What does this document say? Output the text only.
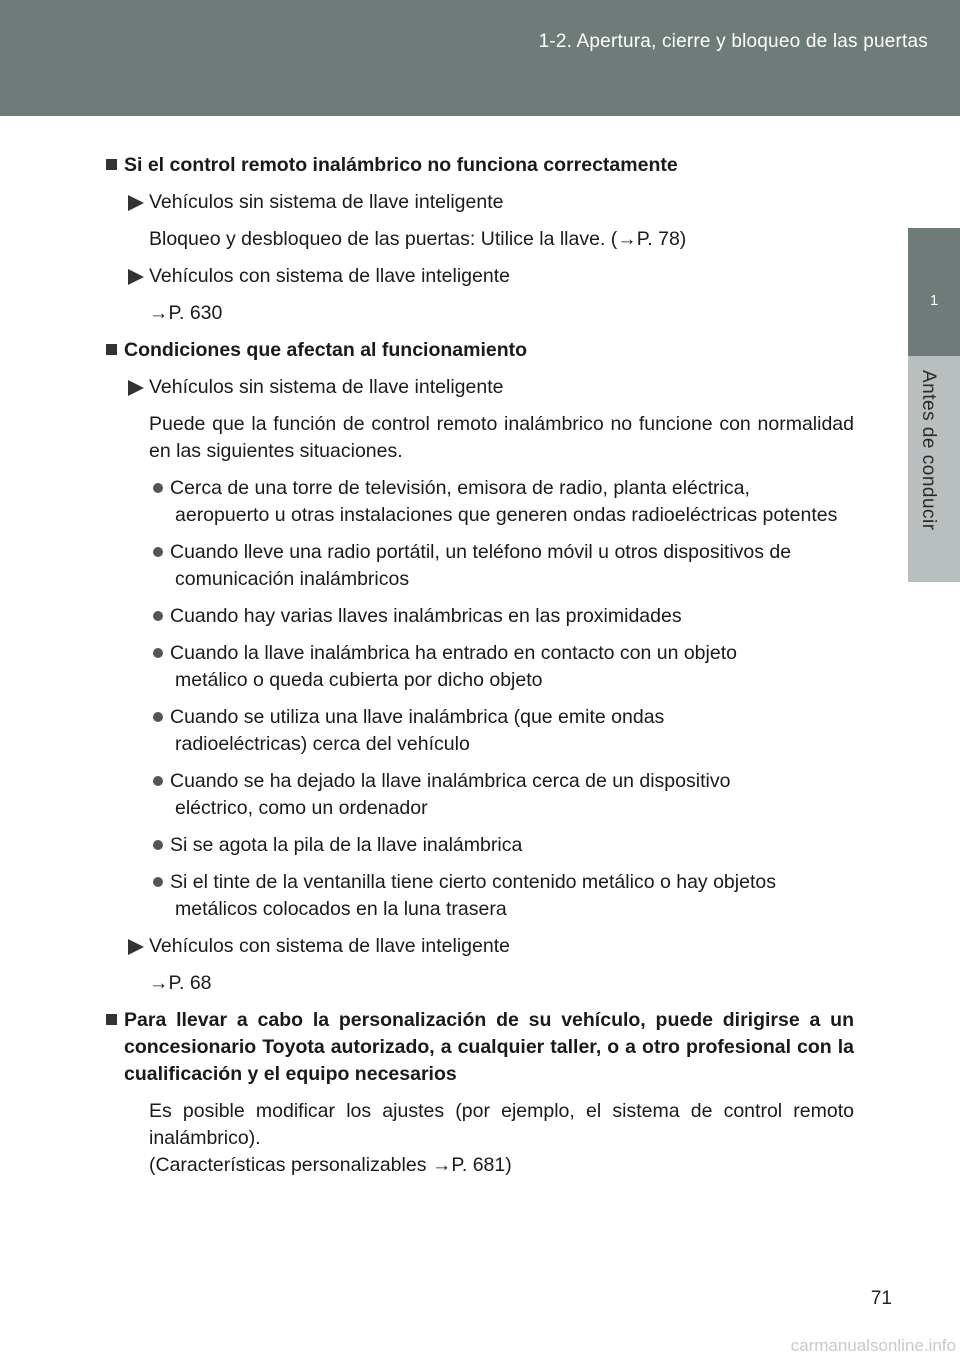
1-2. Apertura, cierre y bloqueo de las puertas
1
Antes de conducir
Si el control remoto inalámbrico no funciona correctamente
Vehículos sin sistema de llave inteligente
Bloqueo y desbloqueo de las puertas: Utilice la llave. (→P. 78)
Vehículos con sistema de llave inteligente
→P. 630
Condiciones que afectan al funcionamiento
Vehículos sin sistema de llave inteligente
Puede que la función de control remoto inalámbrico no funcione con normalidad en las siguientes situaciones.
Cerca de una torre de televisión, emisora de radio, planta eléctrica,
aeropuerto u otras instalaciones que generen ondas radioeléctricas potentes
Cuando lleve una radio portátil, un teléfono móvil u otros dispositivos de
comunicación inalámbricos
Cuando hay varias llaves inalámbricas en las proximidades
Cuando la llave inalámbrica ha entrado en contacto con un objeto
metálico o queda cubierta por dicho objeto
Cuando se utiliza una llave inalámbrica (que emite ondas
radioeléctricas) cerca del vehículo
Cuando se ha dejado la llave inalámbrica cerca de un dispositivo
eléctrico, como un ordenador
Si se agota la pila de la llave inalámbrica
Si el tinte de la ventanilla tiene cierto contenido metálico o hay objetos
metálicos colocados en la luna trasera
Vehículos con sistema de llave inteligente
→P. 68
Para llevar a cabo la personalización de su vehículo, puede dirigirse a un concesionario Toyota autorizado, a cualquier taller, o a otro profesional con la cualificación y el equipo necesarios
Es posible modificar los ajustes (por ejemplo, el sistema de control remoto inalámbrico).
(Características personalizables →P. 681)
71
carmanualsonline.info
